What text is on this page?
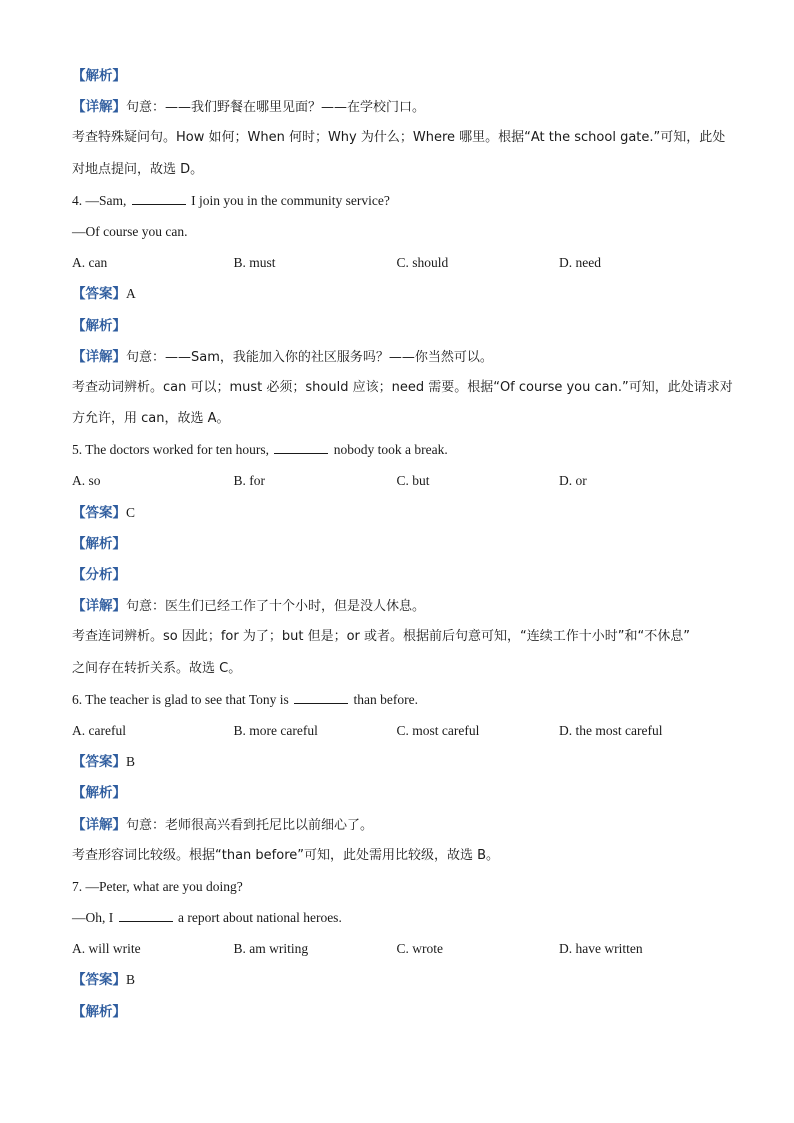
【解析】
【详解】句意：——我们野餐在哪里见面？——在学校门口。
考查特殊疑问句。How 如何；When 何时；Why 为什么；Where 哪里。根据“At the school gate.”可知，此处
对地点提问，故选 D。
4. —Sam,	I join you in the community service?
—Of course you can.
A. can	B. must	C. should	D. need
【答案】A
【解析】
【详解】句意：——Sam，我能加入你的社区服务吗？——你当然可以。
考查动词辨析。can 可以；must 必须；should 应该；need 需要。根据“Of course you can.”可知，此处请求对
方允许，用 can，故选 A。
5. The doctors worked for ten hours,	nobody took a break.
A. so	B. for	C. but	D. or
【答案】C
【解析】
【分析】
【详解】句意：医生们已经工作了十个小时，但是没人休息。
考查连词辨析。so 因此；for 为了；but 但是；or 或者。根据前后句意可知，“连续工作十小时”和“不休息”
之间存在转折关系。故选 C。
6. The teacher is glad to see that Tony is	than before.
A. careful	B. more careful	C. most careful	D. the most careful
【答案】B
【解析】
【详解】句意：老师很高兴看到托尼比以前细心了。
考查形容词比较级。根据“than before”可知，此处需用比较级，故选 B。
7. —Peter, what are you doing?
—Oh, I	a report about national heroes.
A. will write	B. am writing	C. wrote	D. have written
【答案】B
【解析】
